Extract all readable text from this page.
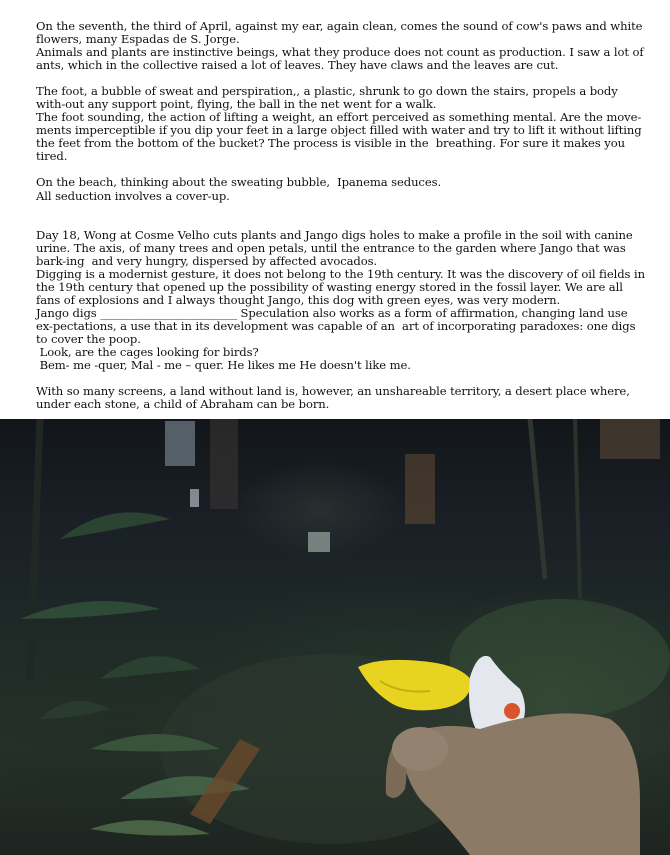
On the seventh, the third of April, against my ear, again clean, comes the sound of cow's paws and white flowers, many Espadas de S. Jorge.

Animals and plants are instinctive beings, what they produce does not count as production. I saw a lot of ants, which in the collective raised a lot of leaves. They have claws and the leaves are cut.

The foot, a bubble of sweat and perspiration,, a plastic, shrunk to go down the stairs, propels a body with-out any support point, flying, the ball in the net went for a walk.

The foot sounding, the action of lifting a weight, an effort perceived as something mental. Are the move-ments imperceptible if you dip your feet in a large object filled with water and try to lift it without lifting the feet from the bottom of the bucket? The process is visible in the  breathing. For sure it makes you tired.

On the beach, thinking about the sweating bubble,  Ipanema seduces.

All seduction involves a cover-up.

Day 18, Wong at Cosme Velho cuts plants and Jango digs holes to make a profile in the soil with canine urine. The axis, of many trees and open petals, until the entrance to the garden where Jango that was bark-ing  and very hungry, dispersed by affected avocados.

Digging is a modernist gesture, it does not belong to the 19th century. It was the discovery of oil fields in the 19th century that opened up the possibility of wasting energy stored in the fossil layer. We are all fans of explosions and I always thought Jango, this dog with green eyes, was very modern.

Jango digs ________________________ Speculation also works as a form of affirmation, changing land use ex-pectations, a use that in its development was capable of an  art of incorporating paradoxes: one digs to cover the poop.

Look, are the cages looking for birds?

Bem- me -quer, Mal - me – quer. He likes me He doesn't like me.

With so many screens, a land without land is, however, an unshareable territory, a desert place where, under each stone, a child of Abraham can be born.
